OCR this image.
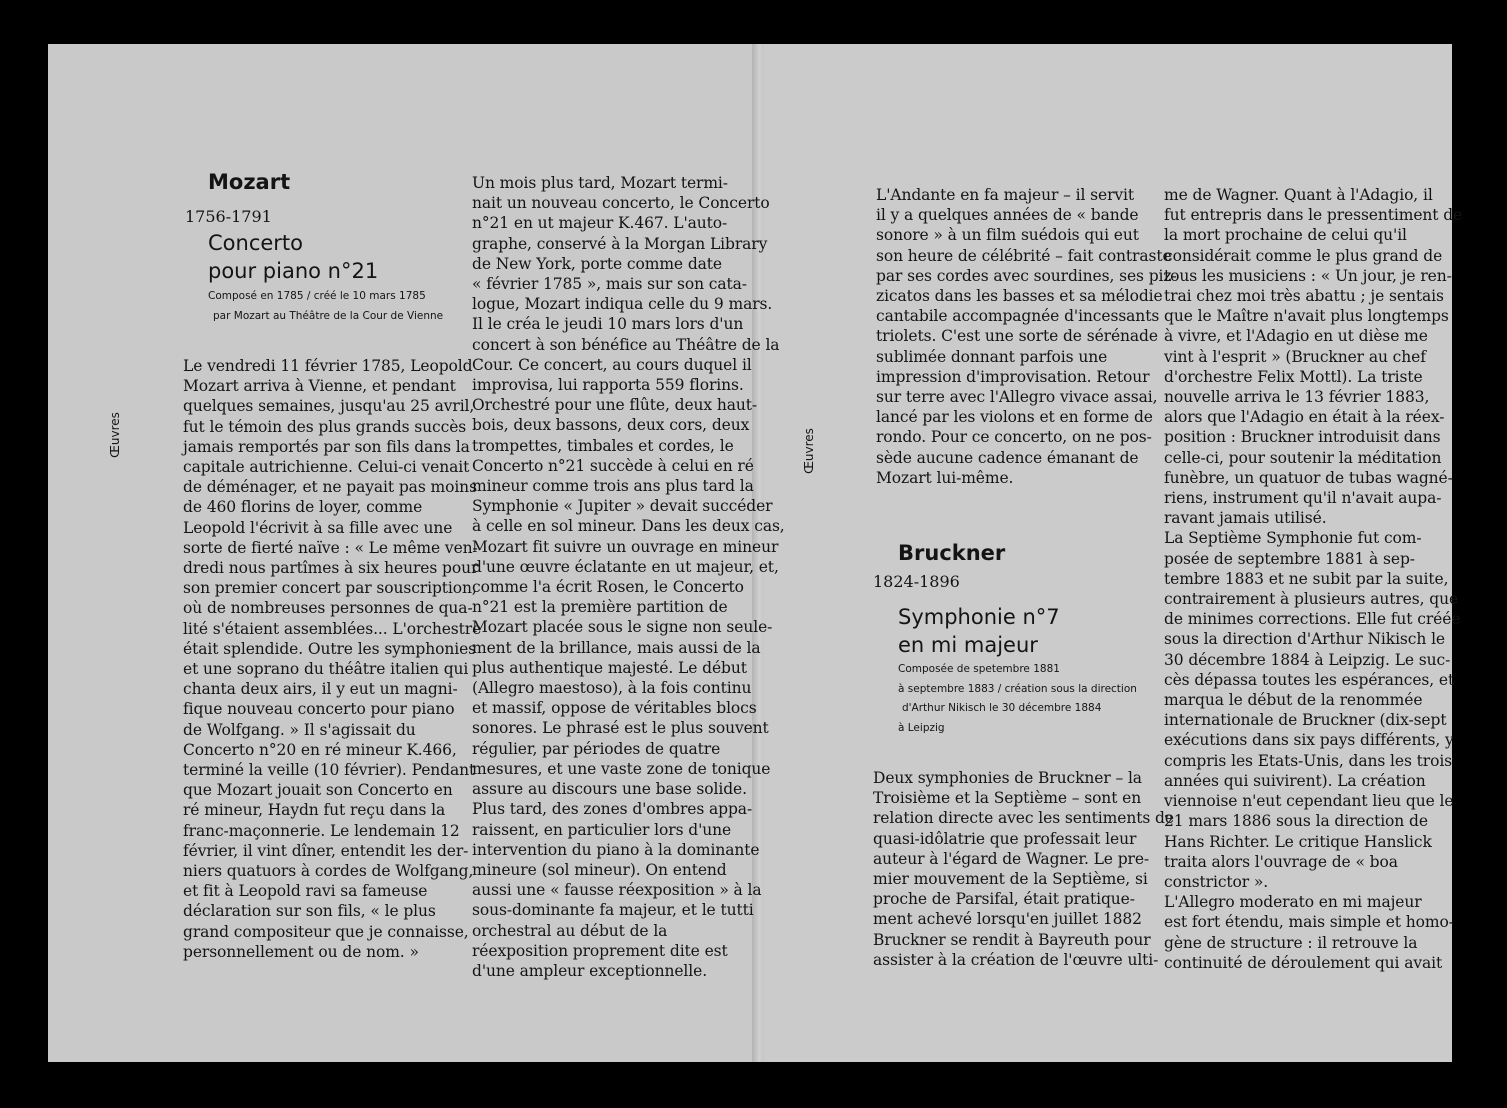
Œuvres
Mozart
1756-1791
Concerto
pour piano n°21
Composé en 1785 / créé le 10 mars 1785
par Mozart au Théâtre de la Cour de Vienne
Le vendredi 11 février 1785, Leopold
Mozart arriva à Vienne, et pendant
quelques semaines, jusqu'au 25 avril,
fut le témoin des plus grands succès
jamais remportés par son fils dans la
capitale autrichienne. Celui-ci venait
de déménager, et ne payait pas moins
de 460 florins de loyer, comme
Leopold l'écrivit à sa fille avec une
sorte de fierté naïve : « Le même ven-
dredi nous partîmes à six heures pour
son premier concert par souscription,
où de nombreuses personnes de qua-
lité s'étaient assemblées... L'orchestre
était splendide. Outre les symphonies
et une soprano du théâtre italien qui
chanta deux airs, il y eut un magni-
fique nouveau concerto pour piano
de Wolfgang. » Il s'agissait du
Concerto n°20 en ré mineur K.466,
terminé la veille (10 février). Pendant
que Mozart jouait son Concerto en
ré mineur, Haydn fut reçu dans la
franc-maçonnerie. Le lendemain 12
février, il vint dîner, entendit les der-
niers quatuors à cordes de Wolfgang,
et fit à Leopold ravi sa fameuse
déclaration sur son fils, « le plus
grand compositeur que je connaisse,
personnellement ou de nom. »
Un mois plus tard, Mozart termi-
nait un nouveau concerto, le Concerto
n°21 en ut majeur K.467. L'auto-
graphe, conservé à la Morgan Library
de New York, porte comme date
« février 1785 », mais sur son cata-
logue, Mozart indiqua celle du 9 mars.
Il le créa le jeudi 10 mars lors d'un
concert à son bénéfice au Théâtre de la
Cour. Ce concert, au cours duquel il
improvisa, lui rapporta 559 florins.
Orchestré pour une flûte, deux haut-
bois, deux bassons, deux cors, deux
trompettes, timbales et cordes, le
Concerto n°21 succède à celui en ré
mineur comme trois ans plus tard la
Symphonie « Jupiter » devait succéder
à celle en sol mineur. Dans les deux cas,
Mozart fit suivre un ouvrage en mineur
d'une œuvre éclatante en ut majeur, et,
comme l'a écrit Rosen, le Concerto
n°21 est la première partition de
Mozart placée sous le signe non seule-
ment de la brillance, mais aussi de la
plus authentique majesté. Le début
(Allegro maestoso), à la fois continu
et massif, oppose de véritables blocs
sonores. Le phrasé est le plus souvent
régulier, par périodes de quatre
mesures, et une vaste zone de tonique
assure au discours une base solide.
Plus tard, des zones d'ombres appa-
raissent, en particulier lors d'une
intervention du piano à la dominante
mineure (sol mineur). On entend
aussi une « fausse réexposition » à la
sous-dominante fa majeur, et le tutti
orchestral au début de la
réexposition proprement dite est
d'une ampleur exceptionnelle.
Œuvres
L'Andante en fa majeur – il servit
il y a quelques années de « bande
sonore » à un film suédois qui eut
son heure de célébrité – fait contraste
par ses cordes avec sourdines, ses piz-
zicatos dans les basses et sa mélodie
cantabile accompagnée d'incessants
triolets. C'est une sorte de sérénade
sublimée donnant parfois une
impression d'improvisation. Retour
sur terre avec l'Allegro vivace assai,
lancé par les violons et en forme de
rondo. Pour ce concerto, on ne pos-
sède aucune cadence émanant de
Mozart lui-même.
Bruckner
1824-1896
Symphonie n°7
en mi majeur
Composée de spetembre 1881
à septembre 1883 / création sous la direction
d'Arthur Nikisch le 30 décembre 1884
à Leipzig
Deux symphonies de Bruckner – la
Troisième et la Septième – sont en
relation directe avec les sentiments de
quasi-idôlatrie que professait leur
auteur à l'égard de Wagner. Le pre-
mier mouvement de la Septième, si
proche de Parsifal, était pratique-
ment achevé lorsqu'en juillet 1882
Bruckner se rendit à Bayreuth pour
assister à la création de l'œuvre ulti-
me de Wagner. Quant à l'Adagio, il
fut entrepris dans le pressentiment de
la mort prochaine de celui qu'il
considérait comme le plus grand de
tous les musiciens : « Un jour, je ren-
trai chez moi très abattu ; je sentais
que le Maître n'avait plus longtemps
à vivre, et l'Adagio en ut dièse me
vint à l'esprit » (Bruckner au chef
d'orchestre Felix Mottl). La triste
nouvelle arriva le 13 février 1883,
alors que l'Adagio en était à la réex-
position : Bruckner introduisit dans
celle-ci, pour soutenir la méditation
funèbre, un quatuor de tubas wagné-
riens, instrument qu'il n'avait aupa-
ravant jamais utilisé.
La Septième Symphonie fut com-
posée de septembre 1881 à sep-
tembre 1883 et ne subit par la suite,
contrairement à plusieurs autres, que
de minimes corrections. Elle fut créée
sous la direction d'Arthur Nikisch le
30 décembre 1884 à Leipzig. Le suc-
cès dépassa toutes les espérances, et
marqua le début de la renommée
internationale de Bruckner (dix-sept
exécutions dans six pays différents, y
compris les Etats-Unis, dans les trois
années qui suivirent). La création
viennoise n'eut cependant lieu que le
21 mars 1886 sous la direction de
Hans Richter. Le critique Hanslick
traita alors l'ouvrage de « boa
constrictor ».
L'Allegro moderato en mi majeur
est fort étendu, mais simple et homo-
gène de structure : il retrouve la
continuité de déroulement qui avait
